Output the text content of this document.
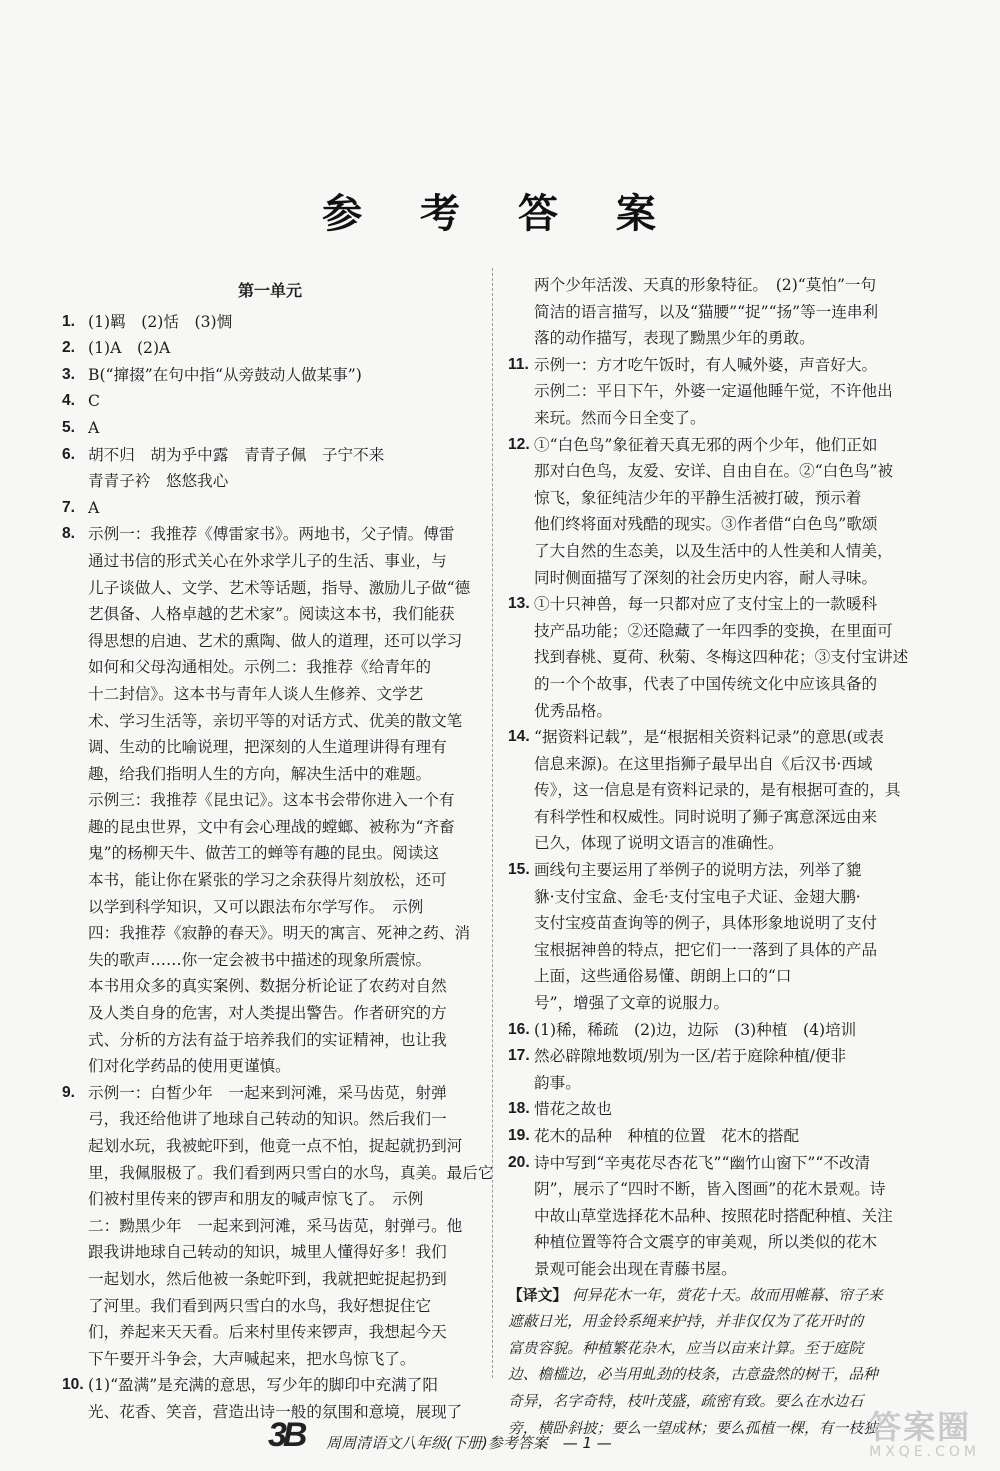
参 考 答 案
第一单元
1. (1)羁　(2)恬　(3)惆
2. (1)A　(2)A
3. B(“撺掇”在句中指“从旁鼓动人做某事”)
4. C
5. A
6. 胡不归　胡为乎中露　青青子佩　子宁不来
青青子衿　悠悠我心
7. A
8. 示例一：我推荐《傅雷家书》。两地书，父子情。傅雷
通过书信的形式关心在外求学儿子的生活、事业，与
儿子谈做人、文学、艺术等话题，指导、激励儿子做“德
艺俱备、人格卓越的艺术家”。阅读这本书，我们能获
得思想的启迪、艺术的熏陶、做人的道理，还可以学习
如何和父母沟通相处。示例二：我推荐《给青年的
十二封信》。这本书与青年人谈人生修养、文学艺
术、学习生活等，亲切平等的对话方式、优美的散文笔
调、生动的比喻说理，把深刻的人生道理讲得有理有
趣，给我们指明人生的方向，解决生活中的难题。
示例三：我推荐《昆虫记》。这本书会带你进入一个有
趣的昆虫世界，文中有会心理战的螳螂、被称为“齐畜
鬼”的杨柳天牛、做苦工的蝉等有趣的昆虫。阅读这
本书，能让你在紧张的学习之余获得片刻放松，还可
以学到科学知识，又可以跟法布尔学写作。　示例
四：我推荐《寂静的春天》。明天的寓言、死神之药、消
失的歌声……你一定会被书中描述的现象所震惊。
本书用众多的真实案例、数据分析论证了农药对自然
及人类自身的危害，对人类提出警告。作者研究的方
式、分析的方法有益于培养我们的实证精神，也让我
们对化学药品的使用更谨慎。
9. 示例一：白皙少年　一起来到河滩，采马齿苋，射弹
弓，我还给他讲了地球自己转动的知识。然后我们一
起划水玩，我被蛇吓到，他竟一点不怕，捉起就扔到河
里，我佩服极了。我们看到两只雪白的水鸟，真美。最后它
们被村里传来的锣声和朋友的喊声惊飞了。　示例
二：黝黑少年　一起来到河滩，采马齿苋，射弹弓。他
跟我讲地球自己转动的知识，城里人懂得好多！我们
一起划水，然后他被一条蛇吓到，我就把蛇捉起扔到
了河里。我们看到两只雪白的水鸟，我好想捉住它
们，养起来天天看。后来村里传来锣声，我想起今天
下午要开斗争会，大声喊起来，把水鸟惊飞了。
10. (1)“盈满”是充满的意思，写少年的脚印中充满了阳
光、花香、笑音，营造出诗一般的氛围和意境，展现了
两个少年活泼、天真的形象特征。　(2)“莫怕”一句
简洁的语言描写，以及“猫腰”“捉”“扬”等一连串利
落的动作描写，表现了黝黑少年的勇敢。
11. 示例一：方才吃午饭时，有人喊外婆，声音好大。
示例二：平日下午，外婆一定逼他睡午觉，不许他出
来玩。然而今日全变了。
12. ①“白色鸟”象征着天真无邪的两个少年，他们正如
那对白色鸟，友爱、安详、自由自在。②“白色鸟”被
惊飞，象征纯洁少年的平静生活被打破，预示着
他们终将面对残酷的现实。③作者借“白色鸟”歌颂
了大自然的生态美，以及生活中的人性美和人情美，
同时侧面描写了深刻的社会历史内容，耐人寻味。
13. ①十只神兽，每一只都对应了支付宝上的一款暖科
技产品功能；②还隐藏了一年四季的变换，在里面可
找到春桃、夏荷、秋菊、冬梅这四种花；③支付宝讲述
的一个个故事，代表了中国传统文化中应该具备的
优秀品格。
14. “据资料记载”，是“根据相关资料记录”的意思(或表
信息来源)。在这里指狮子最早出自《后汉书·西域
传》，这一信息是有资料记录的，是有根据可查的，具
有科学性和权威性。同时说明了狮子寓意深远由来
已久，体现了说明文语言的准确性。
15. 画线句主要运用了举例子的说明方法，列举了貔
貅·支付宝盒、金毛·支付宝电子犬证、金翅大鹏·
支付宝疫苗查询等的例子，具体形象地说明了支付
宝根据神兽的特点，把它们一一落到了具体的产品
上面，这些通俗易懂、朗朗上口的“口
号”，增强了文章的说服力。
16. (1)稀，稀疏　(2)边，边际　(3)种植　(4)培训
17. 然必辟隙地数顷/别为一区/若于庭除种植/便非
韵事。
18. 惜花之故也
19. 花木的品种　种植的位置　花木的搭配
20. 诗中写到“辛夷花尽杏花飞”“幽竹山窗下”“不改清
阴”，展示了“四时不断，皆入图画”的花木景观。诗
中故山草堂选择花木品种、按照花时搭配种植、关注
种植位置等符合文震亨的审美观，所以类似的花木
景观可能会出现在青藤书屋。
【译文】 何异花木一年，赏花十天。故而用帷幕、帘子来
遮蔽日光，用金铃系绳来护持，并非仅仅为了花开时的
富贵容貌。种植繁花杂木，应当以亩来计算。至于庭院
边、檐槛边，必当用虬劲的枝条，古意盎然的树干，品种
奇异，名字奇特，枝叶茂盛，疏密有致。要么在水边石
旁，横卧斜披；要么一望成林；要么孤植一棵，有一枝独
3B 周周清语文八年级(下册)参考答案　— 1 —	答案圈
MXQE.COM
